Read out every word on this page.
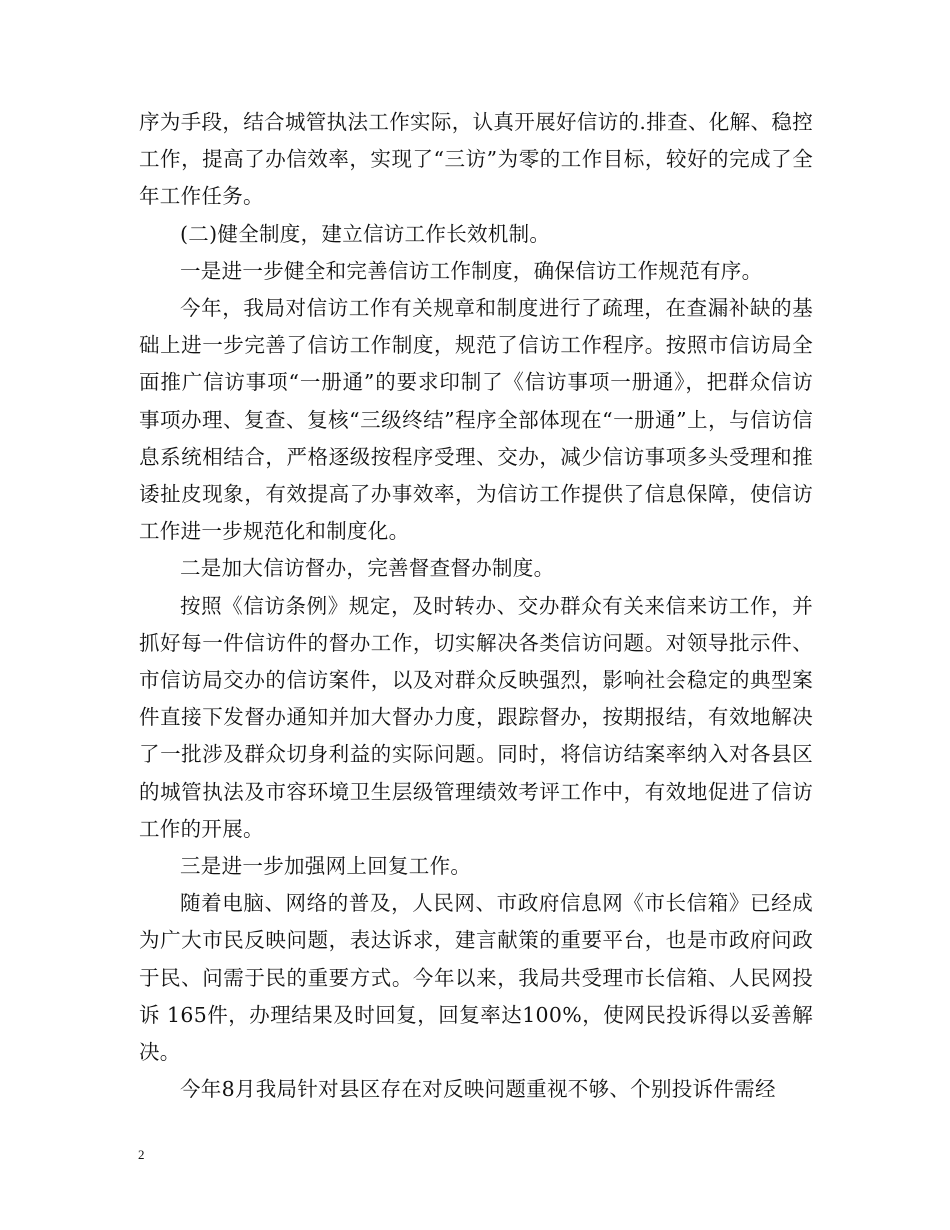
序为手段，结合城管执法工作实际，认真开展好信访的.排查、化解、稳控工作，提高了办信效率，实现了“三访”为零的工作目标，较好的完成了全年工作任务。

(二)健全制度，建立信访工作长效机制。

一是进一步健全和完善信访工作制度，确保信访工作规范有序。

今年，我局对信访工作有关规章和制度进行了疏理，在查漏补缺的基础上进一步完善了信访工作制度，规范了信访工作程序。按照市信访局全面推广信访事项“一册通”的要求印制了《信访事项一册通》，把群众信访事项办理、复查、复核“三级终结”程序全部体现在“一册通”上，与信访信息系统相结合，严格逐级按程序受理、交办，减少信访事项多头受理和推诿扯皮现象，有效提高了办事效率，为信访工作提供了信息保障，使信访工作进一步规范化和制度化。

二是加大信访督办，完善督查督办制度。

按照《信访条例》规定，及时转办、交办群众有关来信来访工作，并抓好每一件信访件的督办工作，切实解决各类信访问题。对领导批示件、市信访局交办的信访案件，以及对群众反映强烈，影响社会稳定的典型案件直接下发督办通知并加大督办力度，跟踪督办，按期报结，有效地解决了一批涉及群众切身利益的实际问题。同时，将信访结案率纳入对各县区的城管执法及市容环境卫生层级管理绩效考评工作中，有效地促进了信访工作的开展。

三是进一步加强网上回复工作。

随着电脑、网络的普及，人民网、市政府信息网《市长信箱》已经成为广大市民反映问题，表达诉求，建言献策的重要平台，也是市政府问政于民、问需于民的重要方式。今年以来，我局共受理市长信箱、人民网投诉 165件，办理结果及时回复，回复率达100%，使网民投诉得以妥善解决。

今年8月我局针对县区存在对反映问题重视不够、个别投诉件需经

2
